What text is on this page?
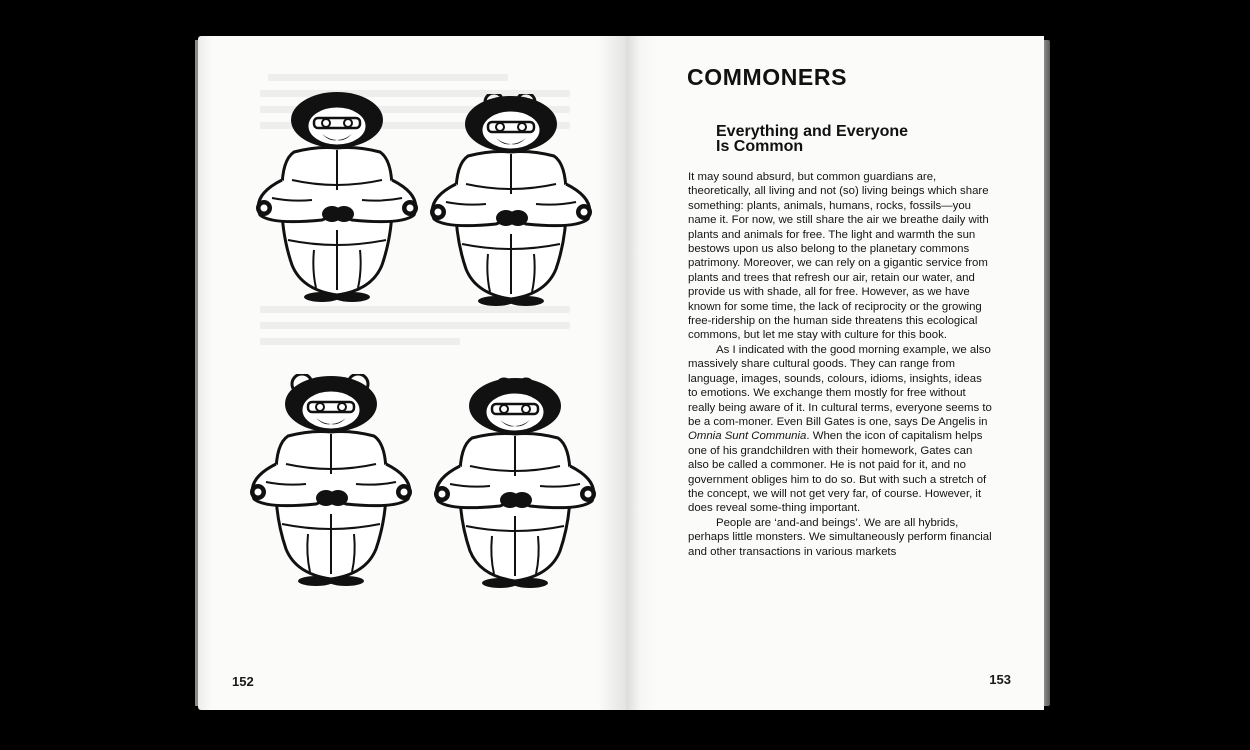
152
COMMONERS
Everything and Everyone
Is Common

It may sound absurd, but common guardians are, theoretically, all living and not (so) living beings which share something: plants, animals, humans, rocks, fossils—you name it. For now, we still share the air we breathe daily with plants and animals for free. The light and warmth the sun bestows upon us also belong to the planetary commons patrimony. Moreover, we can rely on a gigantic service from plants and trees that refresh our air, retain our water, and provide us with shade, all for free. However, as we have known for some time, the lack of reciprocity or the growing free-ridership on the human side threatens this ecological commons, but let me stay with culture for this book.

As I indicated with the good morning example, we also massively share cultural goods. They can range from language, images, sounds, colours, idioms, insights, ideas to emotions. We exchange them mostly for free without really being aware of it. In cultural terms, everyone seems to be a com-moner. Even Bill Gates is one, says De Angelis in Omnia Sunt Communia. When the icon of capitalism helps one of his grandchildren with their homework, Gates can also be called a commoner. He is not paid for it, and no government obliges him to do so. But with such a stretch of the concept, we will not get very far, of course. However, it does reveal some-thing important.

People are ‘and-and beings’. We are all hybrids, perhaps little monsters. We simultaneously perform financial and other transactions in various markets

153
